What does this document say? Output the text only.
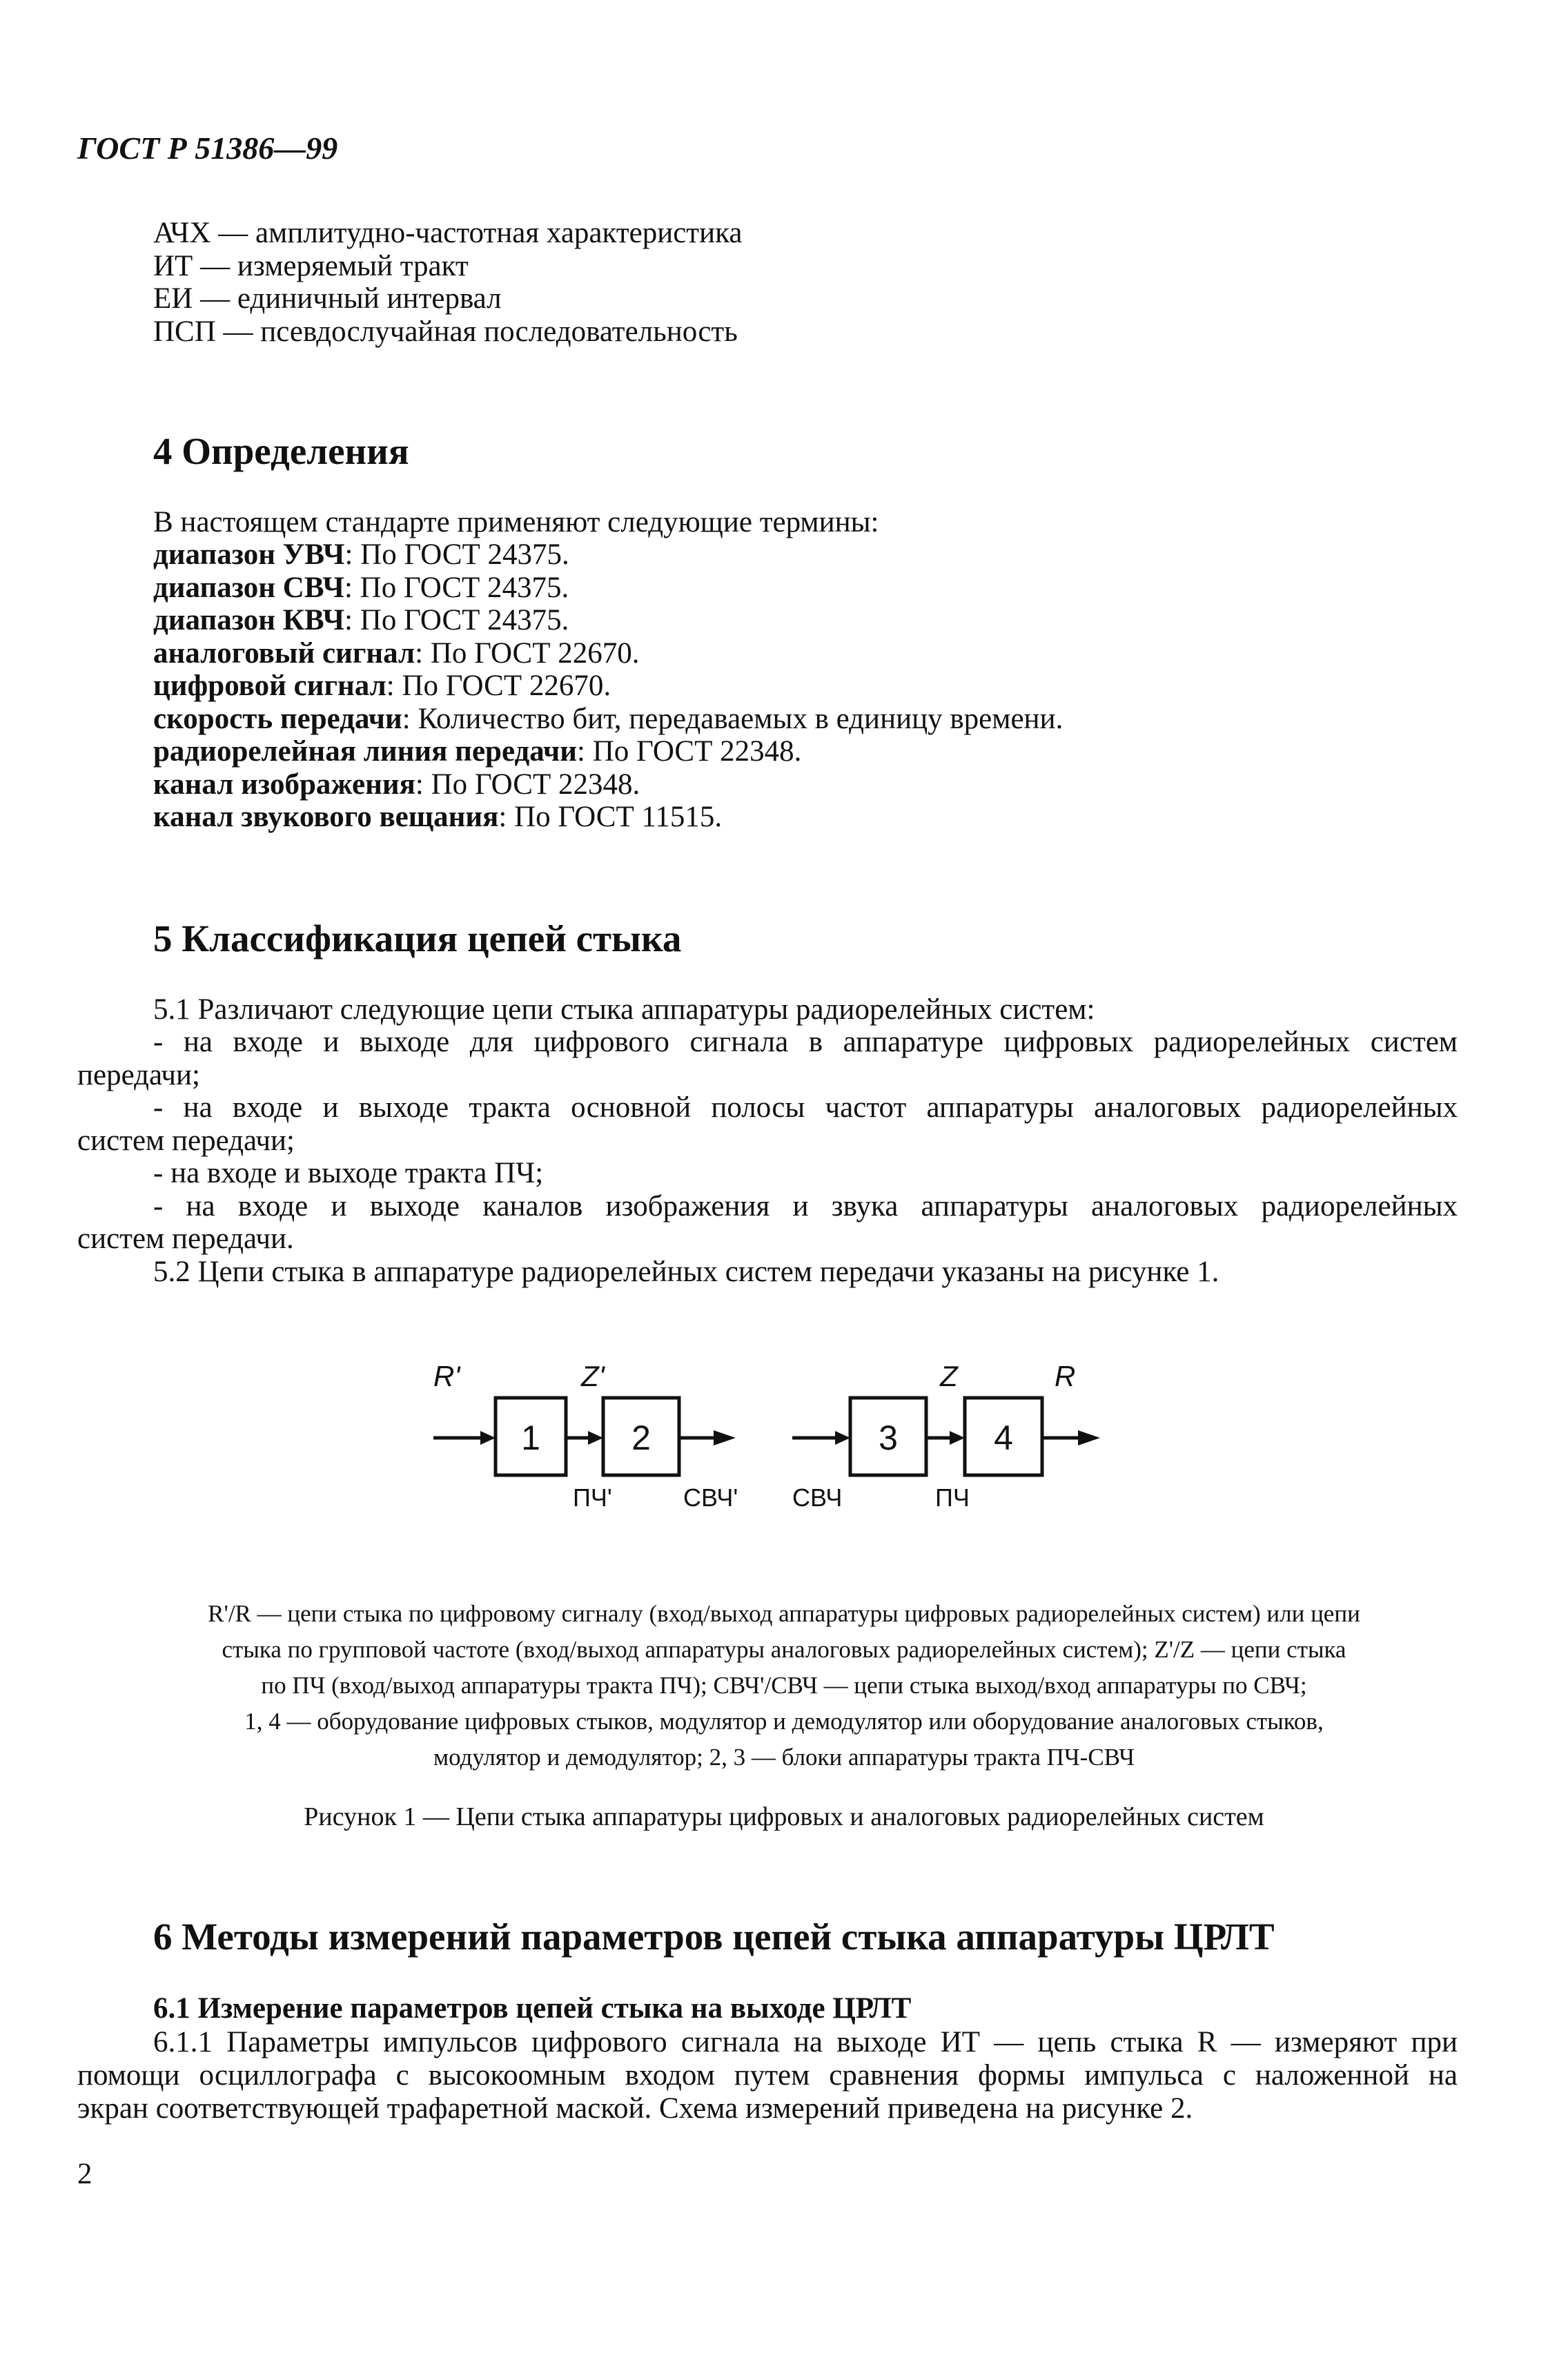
ГОСТ Р 51386—99
АЧХ — амплитудно-частотная характеристика
ИТ — измеряемый тракт
ЕИ — единичный интервал
ПСП — псевдослучайная последовательность
4 Определения
В настоящем стандарте применяют следующие термины:
диапазон УВЧ: По ГОСТ 24375.
диапазон СВЧ: По ГОСТ 24375.
диапазон КВЧ: По ГОСТ 24375.
аналоговый сигнал: По ГОСТ 22670.
цифровой сигнал: По ГОСТ 22670.
скорость передачи: Количество бит, передаваемых в единицу времени.
радиорелейная линия передачи: По ГОСТ 22348.
канал изображения: По ГОСТ 22348.
канал звукового вещания: По ГОСТ 11515.
5 Классификация цепей стыка
5.1 Различают следующие цепи стыка аппаратуры радиорелейных систем:
- на входе и выходе для цифрового сигнала в аппаратуре цифровых радиорелейных систем
передачи;
- на входе и выходе тракта основной полосы частот аппаратуры аналоговых радиорелейных
систем передачи;
- на входе и выходе тракта ПЧ;
- на входе и выходе каналов изображения и звука аппаратуры аналоговых радиорелейных
систем передачи.
5.2 Цепи стыка в аппаратуре радиорелейных систем передачи указаны на рисунке 1.
R'	Z'	Z	R
1	2	3	4
ПЧ'	СВЧ' СВЧ	ПЧ
R'/R — цепи стыка по цифровому сигналу (вход/выход аппаратуры цифровых радиорелейных систем) или цепи
стыка по групповой частоте (вход/выход аппаратуры аналоговых радиорелейных систем); Z'/Z — цепи стыка
по ПЧ (вход/выход аппаратуры тракта ПЧ); СВЧ'/СВЧ — цепи стыка выход/вход аппаратуры по СВЧ;
1, 4 — оборудование цифровых стыков, модулятор и демодулятор или оборудование аналоговых стыков,
модулятор и демодулятор; 2, 3 — блоки аппаратуры тракта ПЧ-СВЧ
Рисунок 1 — Цепи стыка аппаратуры цифровых и аналоговых радиорелейных систем
6 Методы измерений параметров цепей стыка аппаратуры ЦРЛТ
6.1 Измерение параметров цепей стыка на выходе ЦРЛТ
6.1.1 Параметры импульсов цифрового сигнала на выходе ИТ — цепь стыка R — измеряют при
помощи осциллографа с высокоомным входом путем сравнения формы импульса с наложенной на
экран соответствующей трафаретной маской. Схема измерений приведена на рисунке 2.
2
